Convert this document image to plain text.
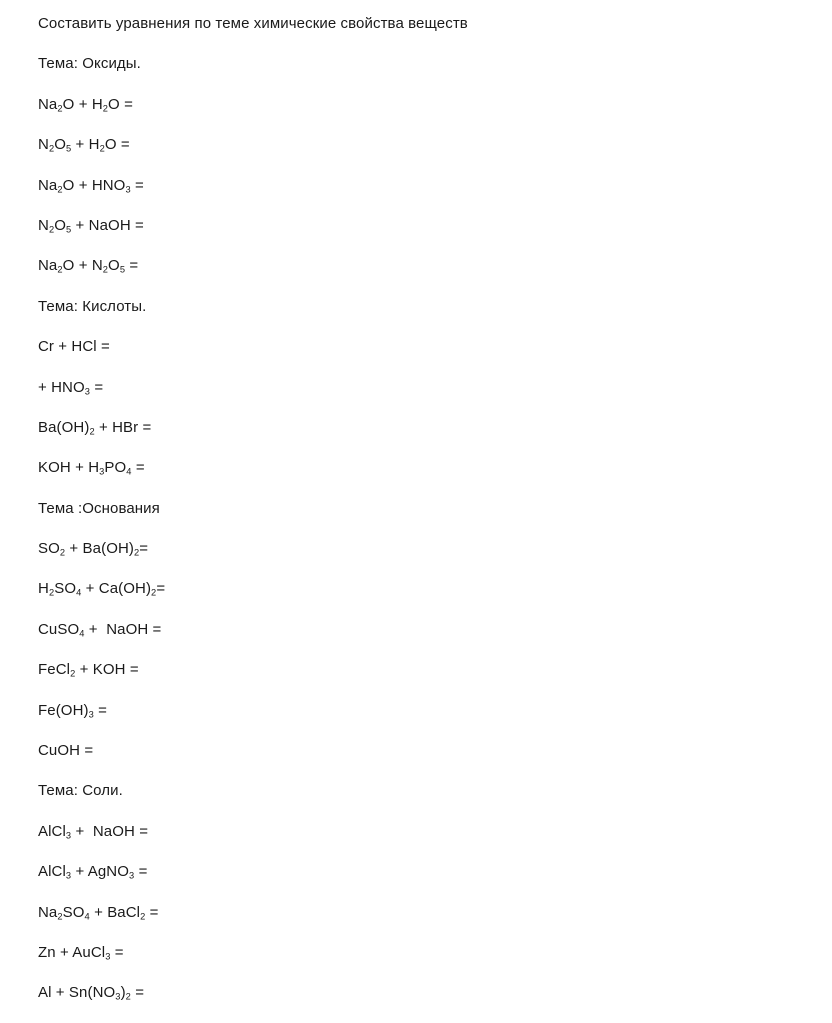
Составить уравнения по теме химические свойства веществ
Тема: Оксиды.
$Na_2O + H_2O$ =
$N_2O_5 + H_2O$ =
$Na_2O + HNO_3$ =
$N_2O_5$ + NaOH =
$Na_2O + N_2O_5$ =
Тема: Кислоты.
Cr + HCl =
+ $HNO_3$ =
$Ba(OH)_2$ + HBr =
KOH + $H_3PO_4$ =
Тема :Основания
$SO_2 + Ba(OH)_2=$
$H_2SO_4 + Ca(OH)_2=$
CuSO$_4$ +  NaOH =
FeCl$_2$ + KOH =
$Fe(OH)_3$ =
CuOH =
Тема: Соли.
AlCl$_3$ +  NaOH =
AlCl$_3$ + AgNO$_3$ =
$Na_2SO_4$ + BaCl$_2$ =
Zn + AuCl$_3$ =
$Al + Sn(NO_3)_2$ =
